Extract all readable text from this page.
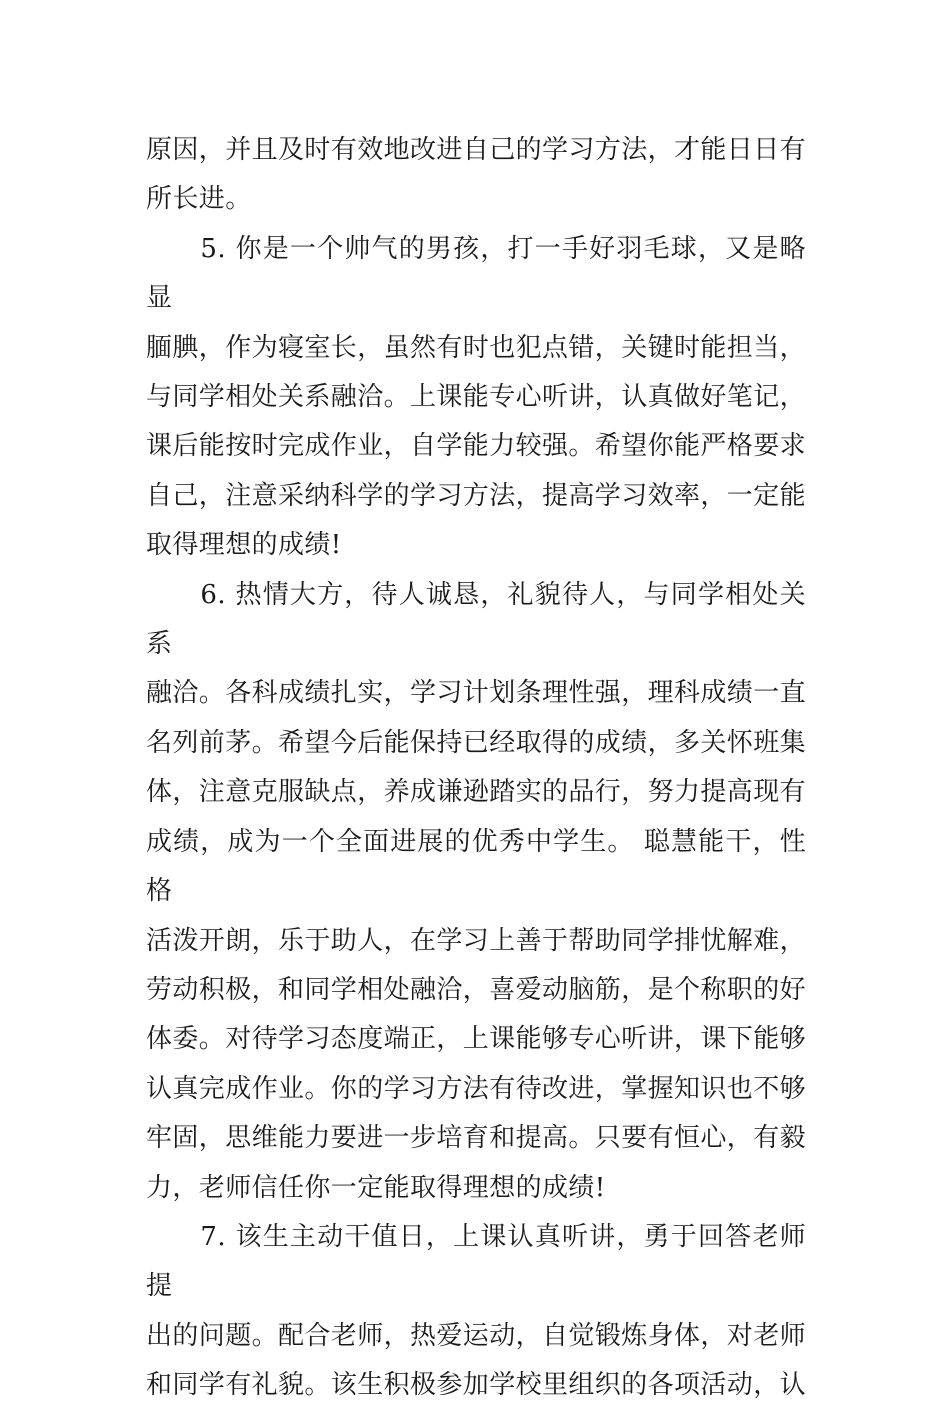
原因，并且及时有效地改进自己的学习方法，才能日日有
所长进。

　　5. 你是一个帅气的男孩，打一手好羽毛球，又是略显
腼腆，作为寝室长，虽然有时也犯点错，关键时能担当，
与同学相处关系融洽。上课能专心听讲，认真做好笔记，
课后能按时完成作业，自学能力较强。希望你能严格要求
自己，注意采纳科学的学习方法，提高学习效率，一定能
取得理想的成绩!

　　6. 热情大方，待人诚恳，礼貌待人，与同学相处关系
融洽。各科成绩扎实，学习计划条理性强，理科成绩一直
名列前茅。希望今后能保持已经取得的成绩，多关怀班集
体，注意克服缺点，养成谦逊踏实的品行，努力提高现有
成绩，成为一个全面进展的优秀中学生。 聪慧能干，性格
活泼开朗，乐于助人，在学习上善于帮助同学排忧解难，
劳动积极，和同学相处融洽，喜爱动脑筋，是个称职的好
体委。对待学习态度端正，上课能够专心听讲，课下能够
认真完成作业。你的学习方法有待改进，掌握知识也不够
牢固，思维能力要进一步培育和提高。只要有恒心，有毅
力，老师信任你一定能取得理想的成绩!

　　7. 该生主动干值日，上课认真听讲，勇于回答老师提
出的问题。配合老师，热爱运动，自觉锻炼身体，对老师
和同学有礼貌。该生积极参加学校里组织的各项活动，认
